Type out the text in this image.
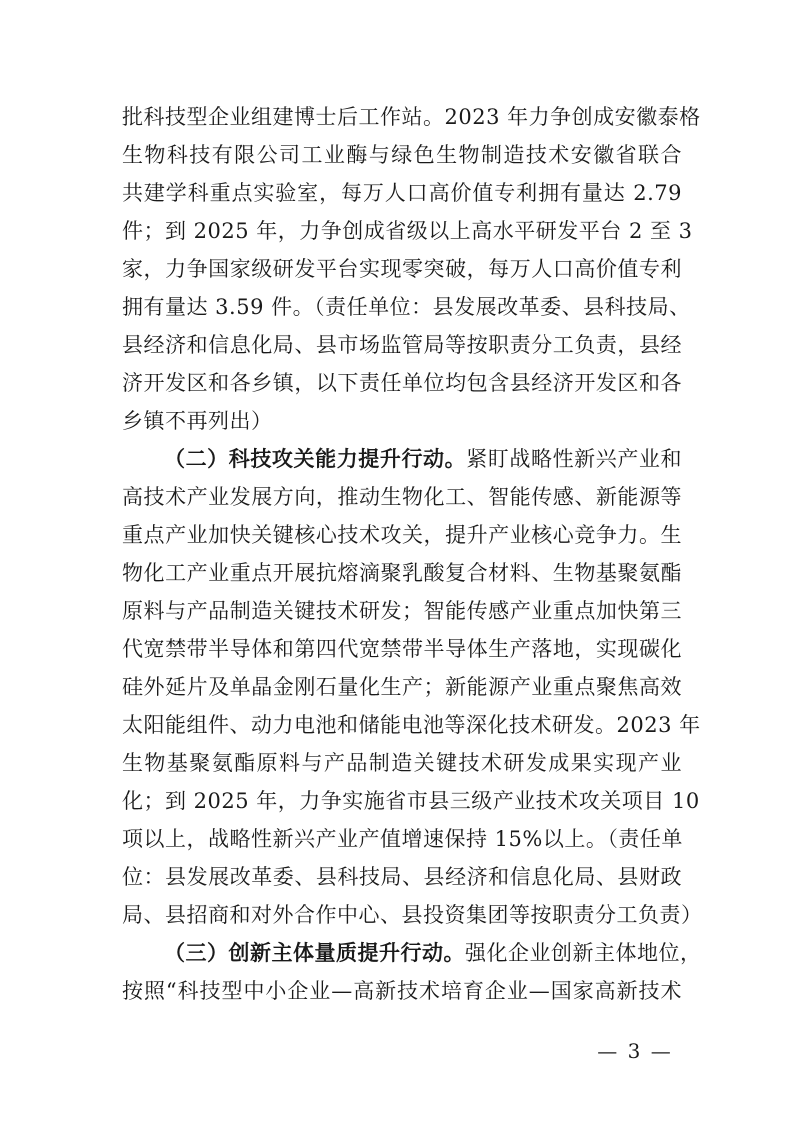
批科技型企业组建博士后工作站。2023 年力争创成安徽泰格
生物科技有限公司工业酶与绿色生物制造技术安徽省联合
共建学科重点实验室，每万人口高价值专利拥有量达 2.79
件；到 2025 年，力争创成省级以上高水平研发平台 2 至 3
家，力争国家级研发平台实现零突破，每万人口高价值专利
拥有量达 3.59 件。（责任单位：县发展改革委、县科技局、
县经济和信息化局、县市场监管局等按职责分工负责，县经
济开发区和各乡镇，以下责任单位均包含县经济开发区和各
乡镇不再列出）
（二）科技攻关能力提升行动。紧盯战略性新兴产业和
高技术产业发展方向，推动生物化工、智能传感、新能源等
重点产业加快关键核心技术攻关，提升产业核心竞争力。生
物化工产业重点开展抗熔滴聚乳酸复合材料、生物基聚氨酯
原料与产品制造关键技术研发；智能传感产业重点加快第三
代宽禁带半导体和第四代宽禁带半导体生产落地，实现碳化
硅外延片及单晶金刚石量化生产；新能源产业重点聚焦高效
太阳能组件、动力电池和储能电池等深化技术研发。2023 年
生物基聚氨酯原料与产品制造关键技术研发成果实现产业
化；到 2025 年，力争实施省市县三级产业技术攻关项目 10
项以上，战略性新兴产业产值增速保持 15%以上。（责任单
位：县发展改革委、县科技局、县经济和信息化局、县财政
局、县招商和对外合作中心、县投资集团等按职责分工负责）
（三）创新主体量质提升行动。强化企业创新主体地位，
按照“科技型中小企业—高新技术培育企业—国家高新技术
— 3 —
